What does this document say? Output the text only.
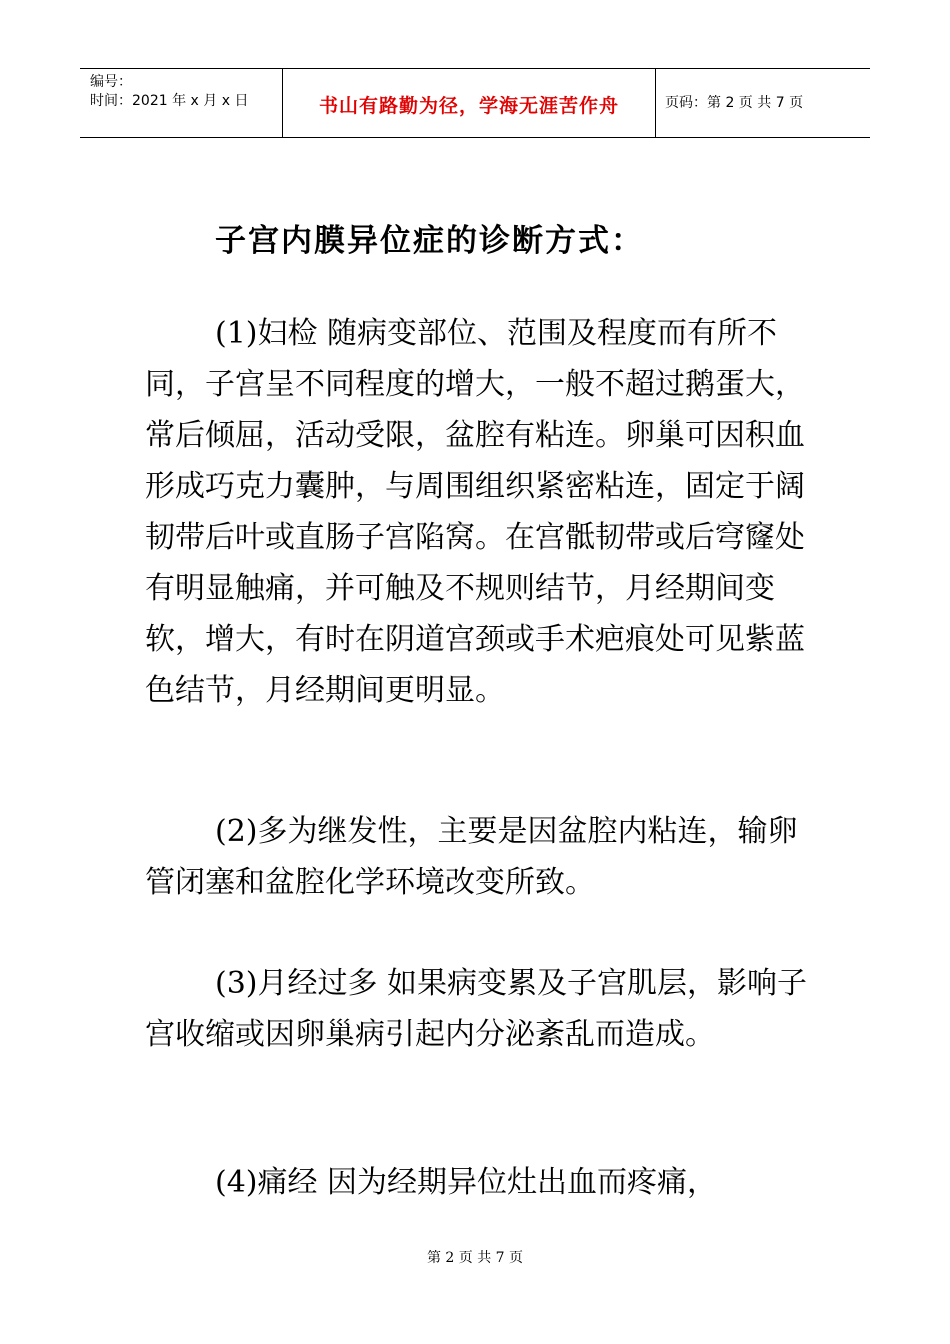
编号：
时间：2021 年 x 月 x 日	书山有路勤为径，学海无涯苦作舟	页码：第 2 页 共 7 页
子宫内膜异位症的诊断方式：

(1)妇检 随病变部位、范围及程度而有所不同，子宫呈不同程度的增大，一般不超过鹅蛋大，常后倾屈，活动受限，盆腔有粘连。卵巢可因积血形成巧克力囊肿，与周围组织紧密粘连，固定于阔韧带后叶或直肠子宫陷窝。在宫骶韧带或后穹窿处有明显触痛，并可触及不规则结节，月经期间变软，增大，有时在阴道宫颈或手术疤痕处可见紫蓝色结节，月经期间更明显。

(2)多为继发性，主要是因盆腔内粘连，输卵管闭塞和盆腔化学环境改变所致。

(3)月经过多 如果病变累及子宫肌层，影响子宫收缩或因卵巢病引起内分泌紊乱而造成。

(4)痛经 因为经期异位灶出血而疼痛，

第 2 页 共 7 页
